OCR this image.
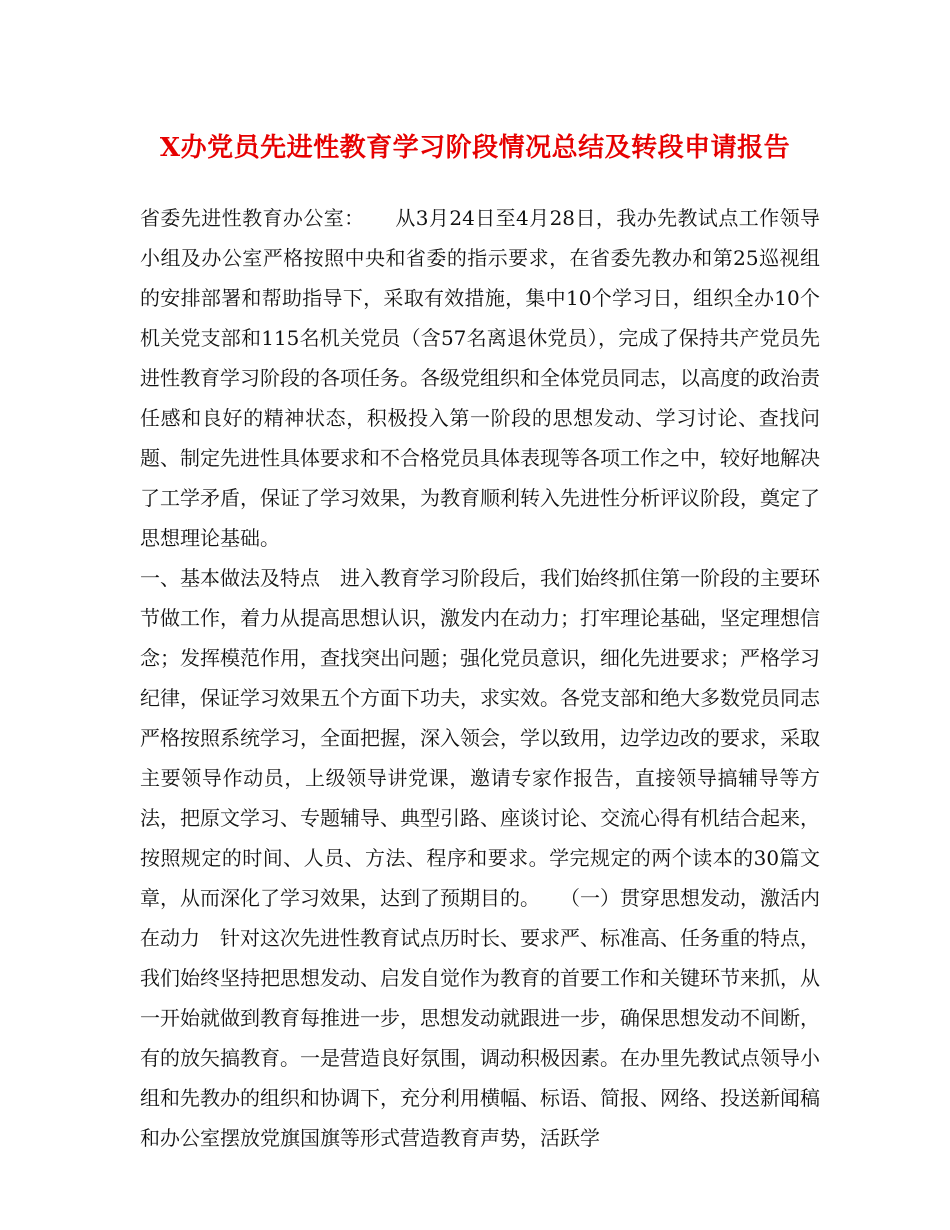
X办党员先进性教育学习阶段情况总结及转段申请报告

省委先进性教育办公室：　　从3月24日至4月28日，我办先教试点工作领导小组及办公室严格按照中央和省委的指示要求，在省委先教办和第25巡视组的安排部署和帮助指导下，采取有效措施，集中10个学习日，组织全办10个机关党支部和115名机关党员（含57名离退休党员），完成了保持共产党员先进性教育学习阶段的各项任务。各级党组织和全体党员同志，以高度的政治责任感和良好的精神状态，积极投入第一阶段的思想发动、学习讨论、查找问题、制定先进性具体要求和不合格党员具体表现等各项工作之中，较好地解决了工学矛盾，保证了学习效果，为教育顺利转入先进性分析评议阶段，奠定了思想理论基础。

一、基本做法及特点　进入教育学习阶段后，我们始终抓住第一阶段的主要环节做工作，着力从提高思想认识，激发内在动力；打牢理论基础，坚定理想信念；发挥模范作用，查找突出问题；强化党员意识，细化先进要求；严格学习纪律，保证学习效果五个方面下功夫，求实效。各党支部和绝大多数党员同志严格按照系统学习，全面把握，深入领会，学以致用，边学边改的要求，采取主要领导作动员，上级领导讲党课，邀请专家作报告，直接领导搞辅导等方法，把原文学习、专题辅导、典型引路、座谈讨论、交流心得有机结合起来，按照规定的时间、人员、方法、程序和要求。学完规定的两个读本的30篇文章，从而深化了学习效果，达到了预期目的。　　（一）贯穿思想发动，激活内在动力　针对这次先进性教育试点历时长、要求严、标准高、任务重的特点，我们始终坚持把思想发动、启发自觉作为教育的首要工作和关键环节来抓，从一开始就做到教育每推进一步，思想发动就跟进一步，确保思想发动不间断，有的放矢搞教育。一是营造良好氛围，调动积极因素。在办里先教试点领导小组和先教办的组织和协调下，充分利用横幅、标语、简报、网络、投送新闻稿和办公室摆放党旗国旗等形式营造教育声势，活跃学
